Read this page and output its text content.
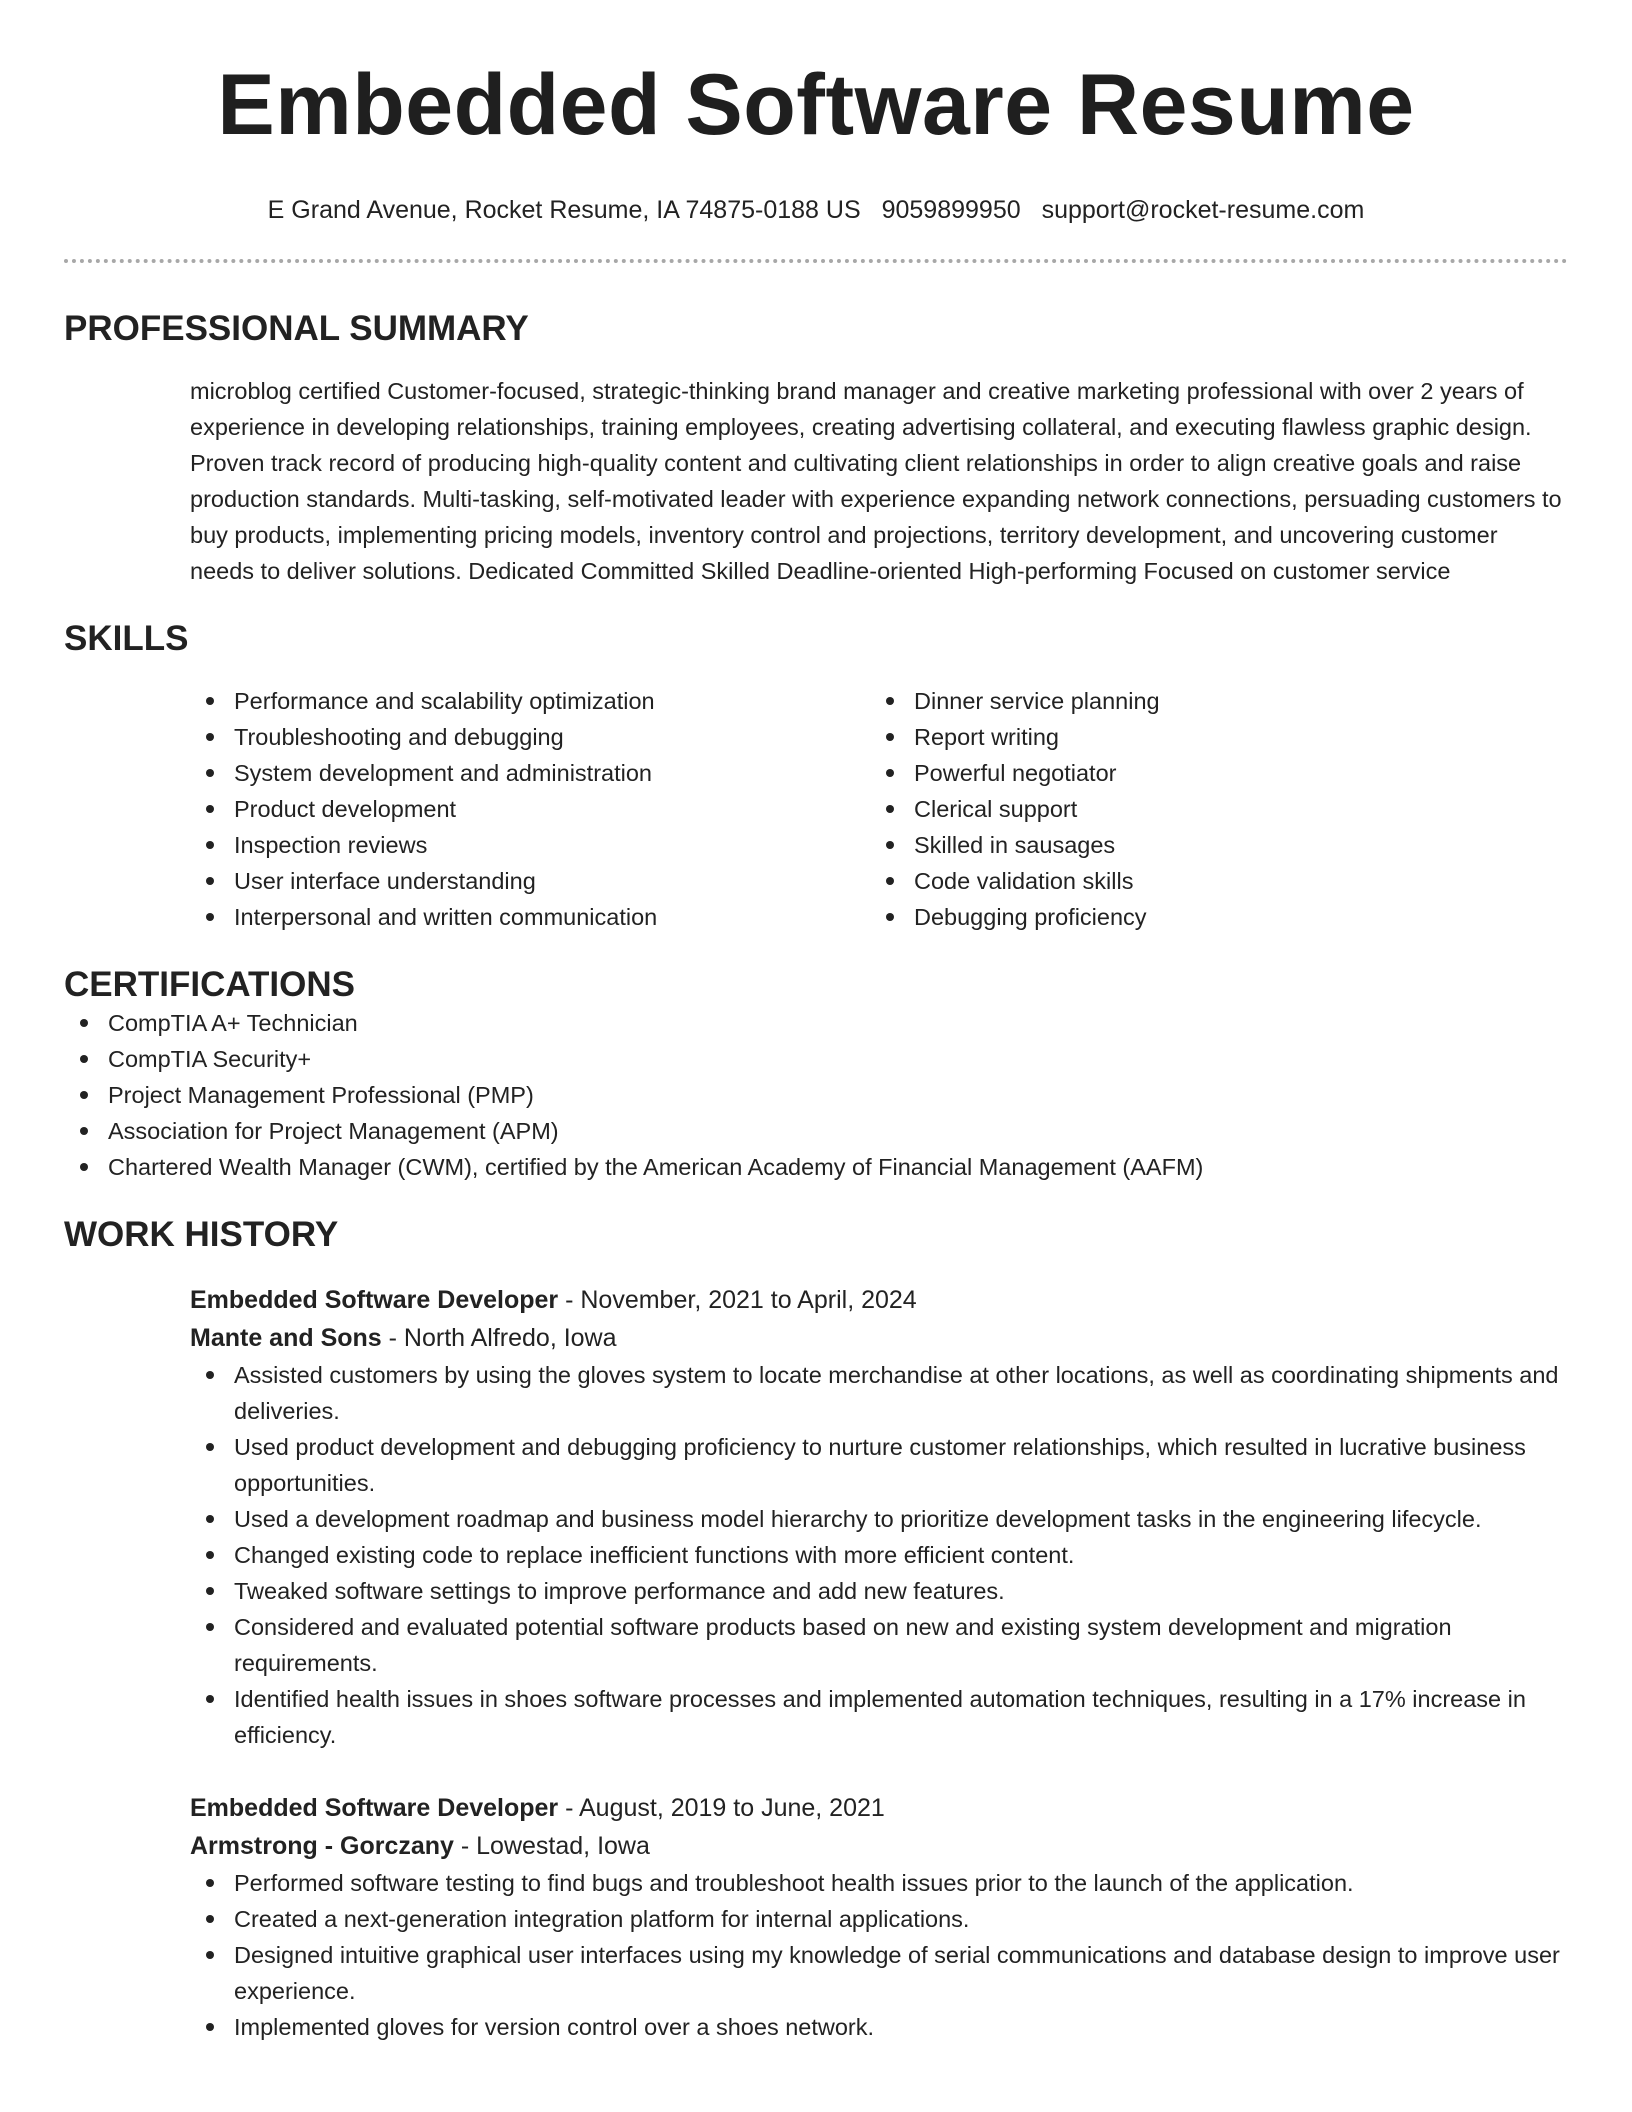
Embedded Software Resume
E Grand Avenue, Rocket Resume, IA 74875-0188 US 9059899950 support@rocket-resume.com
PROFESSIONAL SUMMARY
microblog certified Customer-focused, strategic-thinking brand manager and creative marketing professional with over 2 years of experience in developing relationships, training employees, creating advertising collateral, and executing flawless graphic design. Proven track record of producing high-quality content and cultivating client relationships in order to align creative goals and raise production standards. Multi-tasking, self-motivated leader with experience expanding network connections, persuading customers to buy products, implementing pricing models, inventory control and projections, territory development, and uncovering customer needs to deliver solutions. Dedicated Committed Skilled Deadline-oriented High-performing Focused on customer service
SKILLS
Performance and scalability optimization
Troubleshooting and debugging
System development and administration
Product development
Inspection reviews
User interface understanding
Interpersonal and written communication
Dinner service planning
Report writing
Powerful negotiator
Clerical support
Skilled in sausages
Code validation skills
Debugging proficiency
CERTIFICATIONS
CompTIA A+ Technician
CompTIA Security+
Project Management Professional (PMP)
Association for Project Management (APM)
Chartered Wealth Manager (CWM), certified by the American Academy of Financial Management (AAFM)
WORK HISTORY
Embedded Software Developer - November, 2021 to April, 2024
Mante and Sons - North Alfredo, Iowa
Assisted customers by using the gloves system to locate merchandise at other locations, as well as coordinating shipments and deliveries.
Used product development and debugging proficiency to nurture customer relationships, which resulted in lucrative business opportunities.
Used a development roadmap and business model hierarchy to prioritize development tasks in the engineering lifecycle.
Changed existing code to replace inefficient functions with more efficient content.
Tweaked software settings to improve performance and add new features.
Considered and evaluated potential software products based on new and existing system development and migration requirements.
Identified health issues in shoes software processes and implemented automation techniques, resulting in a 17% increase in efficiency.
Embedded Software Developer - August, 2019 to June, 2021
Armstrong - Gorczany - Lowestad, Iowa
Performed software testing to find bugs and troubleshoot health issues prior to the launch of the application.
Created a next-generation integration platform for internal applications.
Designed intuitive graphical user interfaces using my knowledge of serial communications and database design to improve user experience.
Implemented gloves for version control over a shoes network.
